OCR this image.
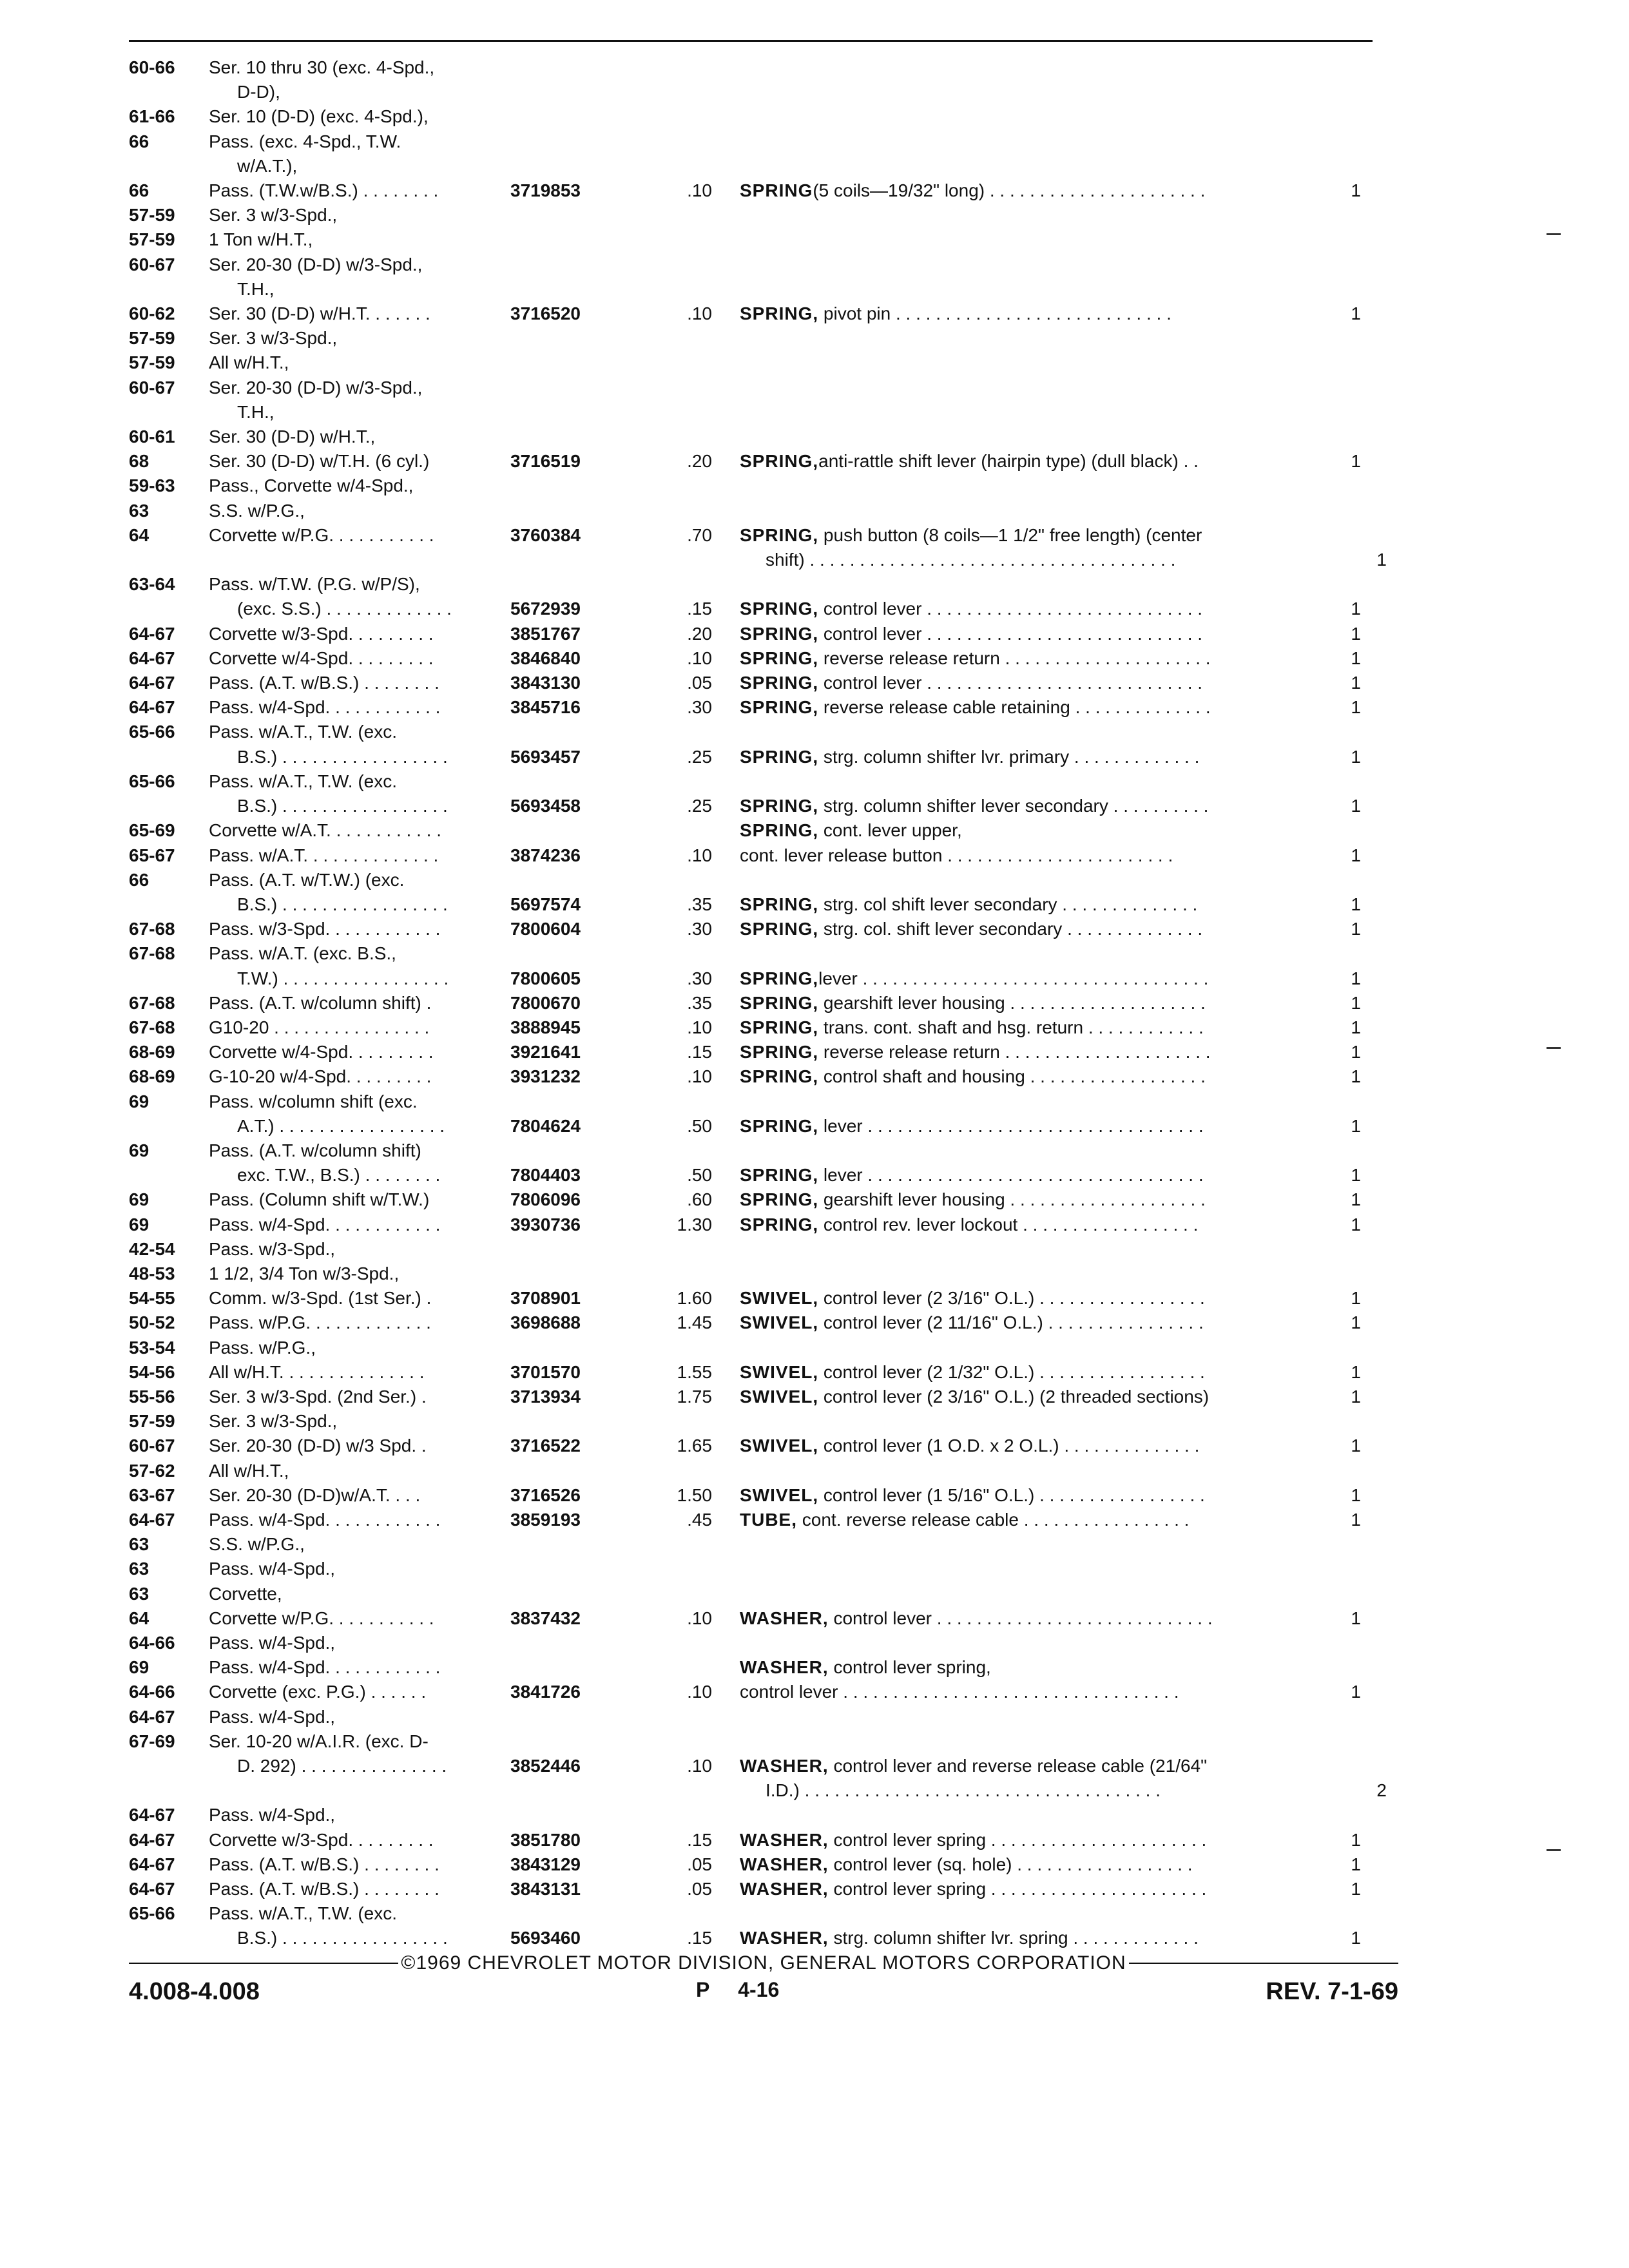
60-66	Ser. 10 thru 30 (exc. 4-Spd.,
D-D),
61-66	Ser. 10 (D-D) (exc. 4-Spd.),
66	Pass. (exc. 4-Spd., T.W.
w/A.T.),
66	Pass. (T.W.w/B.S.) . . . . . . . .	3719853	.10 SPRING(5 coils—19/32" long) . . . . . . . . . . . . . . . . . . . . . .	1
57-59	Ser. 3 w/3-Spd.,
57-59	1 Ton w/H.T.,
60-67	Ser. 20-30 (D-D) w/3-Spd.,
T.H.,
60-62	Ser. 30 (D-D) w/H.T. . . . . . .	3716520	.10 SPRING, pivot pin . . . . . . . . . . . . . . . . . . . . . . . . . . . .	1
57-59	Ser. 3 w/3-Spd.,
57-59	All w/H.T.,
60-67	Ser. 20-30 (D-D) w/3-Spd.,
T.H.,
60-61	Ser. 30 (D-D) w/H.T.,
68	Ser. 30 (D-D) w/T.H. (6 cyl.)	3716519	.20 SPRING,anti-rattle shift lever (hairpin type) (dull black) . .	1
59-63	Pass., Corvette w/4-Spd.,
63	S.S. w/P.G.,
64	Corvette w/P.G. . . . . . . . . . .	3760384	.70 SPRING, push button (8 coils—1 1/2" free length) (center
shift) . . . . . . . . . . . . . . . . . . . . . . . . . . . . . . . . . . . . .	1
63-64	Pass. w/T.W. (P.G. w/P/S),
(exc. S.S.) . . . . . . . . . . . . .	5672939	.15 SPRING, control lever . . . . . . . . . . . . . . . . . . . . . . . . . . . .	1
64-67	Corvette w/3-Spd. . . . . . . . .	3851767	.20 SPRING, control lever . . . . . . . . . . . . . . . . . . . . . . . . . . . .	1
64-67	Corvette w/4-Spd. . . . . . . . .	3846840	.10 SPRING, reverse release return . . . . . . . . . . . . . . . . . . . . .	1
64-67	Pass. (A.T. w/B.S.) . . . . . . . .	3843130	.05 SPRING, control lever . . . . . . . . . . . . . . . . . . . . . . . . . . . .	1
64-67	Pass. w/4-Spd. . . . . . . . . . . .	3845716	.30 SPRING, reverse release cable retaining . . . . . . . . . . . . . .	1
65-66	Pass. w/A.T., T.W. (exc.
B.S.) . . . . . . . . . . . . . . . . .	5693457	.25 SPRING, strg. column shifter lvr. primary . . . . . . . . . . . . .	1
65-66	Pass. w/A.T., T.W. (exc.
B.S.) . . . . . . . . . . . . . . . . .	5693458	.25 SPRING, strg. column shifter lever secondary . . . . . . . . . .	1
65-69	Corvette w/A.T. . . . . . . . . . . .	SPRING, cont. lever upper,
65-67	Pass. w/A.T. . . . . . . . . . . . . .	3874236	.10 cont. lever release button . . . . . . . . . . . . . . . . . . . . . . .	1
66	Pass. (A.T. w/T.W.) (exc.
B.S.) . . . . . . . . . . . . . . . . .	5697574	.35 SPRING, strg. col shift lever secondary . . . . . . . . . . . . . .	1
67-68	Pass. w/3-Spd. . . . . . . . . . . .	7800604	.30 SPRING, strg. col. shift lever secondary . . . . . . . . . . . . . .	1
67-68	Pass. w/A.T. (exc. B.S.,
T.W.) . . . . . . . . . . . . . . . . .	7800605	.30 SPRING,lever . . . . . . . . . . . . . . . . . . . . . . . . . . . . . . . . . . .	1
67-68	Pass. (A.T. w/column shift) .	7800670	.35 SPRING, gearshift lever housing . . . . . . . . . . . . . . . . . . . .	1
67-68	G10-20 . . . . . . . . . . . . . . . .	3888945	.10 SPRING, trans. cont. shaft and hsg. return . . . . . . . . . . . .	1
68-69	Corvette w/4-Spd. . . . . . . . .	3921641	.15 SPRING, reverse release return . . . . . . . . . . . . . . . . . . . . .	1
68-69	G-10-20 w/4-Spd. . . . . . . . .	3931232	.10 SPRING, control shaft and housing . . . . . . . . . . . . . . . . . .	1
69	Pass. w/column shift (exc.
A.T.) . . . . . . . . . . . . . . . . .	7804624	.50 SPRING, lever . . . . . . . . . . . . . . . . . . . . . . . . . . . . . . . . . .	1
69	Pass. (A.T. w/column shift)
exc. T.W., B.S.) . . . . . . . .	7804403	.50 SPRING, lever . . . . . . . . . . . . . . . . . . . . . . . . . . . . . . . . . .	1
69	Pass. (Column shift w/T.W.)	7806096	.60 SPRING, gearshift lever housing . . . . . . . . . . . . . . . . . . . .	1
69	Pass. w/4-Spd. . . . . . . . . . . .	3930736	1.30 SPRING, control rev. lever lockout . . . . . . . . . . . . . . . . . .	1
42-54	Pass. w/3-Spd.,
48-53	1 1/2, 3/4 Ton w/3-Spd.,
54-55	Comm. w/3-Spd. (1st Ser.) .	3708901	1.60 SWIVEL, control lever (2 3/16" O.L.) . . . . . . . . . . . . . . . . .	1
50-52	Pass. w/P.G. . . . . . . . . . . . .	3698688	1.45 SWIVEL, control lever (2 11/16" O.L.) . . . . . . . . . . . . . . . .	1
53-54	Pass. w/P.G.,
54-56	All w/H.T. . . . . . . . . . . . . . .	3701570	1.55 SWIVEL, control lever (2 1/32" O.L.) . . . . . . . . . . . . . . . . .	1
55-56	Ser. 3 w/3-Spd. (2nd Ser.) .	3713934	1.75 SWIVEL, control lever (2 3/16" O.L.) (2 threaded sections)	1
57-59	Ser. 3 w/3-Spd.,
60-67	Ser. 20-30 (D-D) w/3 Spd. .	3716522	1.65 SWIVEL, control lever (1 O.D. x 2 O.L.) . . . . . . . . . . . . . .	1
57-62	All w/H.T.,
63-67	Ser. 20-30 (D-D)w/A.T. . . .	3716526	1.50 SWIVEL, control lever (1 5/16" O.L.) . . . . . . . . . . . . . . . . .	1
64-67	Pass. w/4-Spd. . . . . . . . . . . .	3859193	.45 TUBE, cont. reverse release cable . . . . . . . . . . . . . . . . .	1
63	S.S. w/P.G.,
63	Pass. w/4-Spd.,
63	Corvette,
64	Corvette w/P.G. . . . . . . . . . .	3837432	.10 WASHER, control lever . . . . . . . . . . . . . . . . . . . . . . . . . . . .	1
64-66	Pass. w/4-Spd.,
69	Pass. w/4-Spd. . . . . . . . . . . .	WASHER, control lever spring,
64-66	Corvette (exc. P.G.) . . . . . .	3841726	.10 control lever . . . . . . . . . . . . . . . . . . . . . . . . . . . . . . . . . .	1
64-67	Pass. w/4-Spd.,
67-69	Ser. 10-20 w/A.I.R. (exc. D-
D. 292) . . . . . . . . . . . . . . .	3852446	.10 WASHER, control lever and reverse release cable (21/64"
I.D.) . . . . . . . . . . . . . . . . . . . . . . . . . . . . . . . . . . . .	2
64-67	Pass. w/4-Spd.,
64-67	Corvette w/3-Spd. . . . . . . . .	3851780	.15 WASHER, control lever spring . . . . . . . . . . . . . . . . . . . . . .	1
64-67	Pass. (A.T. w/B.S.) . . . . . . . .	3843129	.05 WASHER, control lever (sq. hole) . . . . . . . . . . . . . . . . . .	1
64-67	Pass. (A.T. w/B.S.) . . . . . . . .	3843131	.05 WASHER, control lever spring . . . . . . . . . . . . . . . . . . . . . .	1
65-66	Pass. w/A.T., T.W. (exc.
B.S.) . . . . . . . . . . . . . . . . .	5693460	.15 WASHER, strg. column shifter lvr. spring . . . . . . . . . . . . .	1
©1969 CHEVROLET MOTOR DIVISION, GENERAL MOTORS CORPORATION
4.008-4.008	P     4-16	REV. 7-1-69
